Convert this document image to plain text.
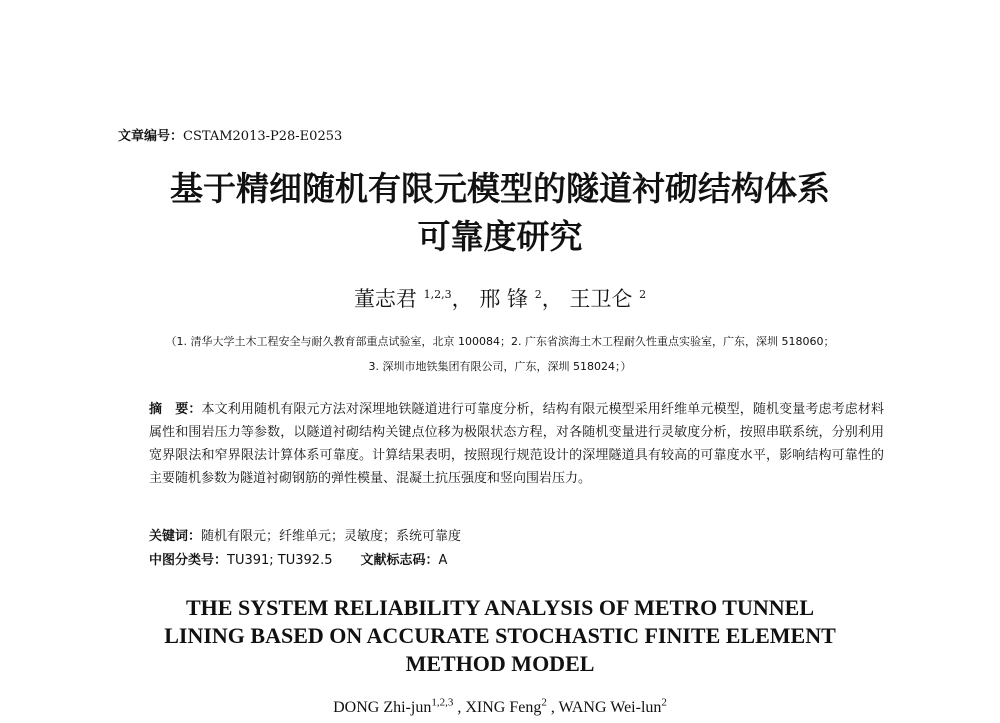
文章编号：CSTAM2013-P28-E0253
基于精细随机有限元模型的隧道衬砌结构体系
可靠度研究
董志君 $^{1,2,3}$， 邢 锋 $^2$， 王卫仑 $^2$
（1. 清华大学土木工程安全与耐久教育部重点试验室，北京 100084；2. 广东省滨海土木工程耐久性重点实验室，广东，深圳 518060；
3. 深圳市地铁集团有限公司，广东，深圳 518024；）
摘　要：本文利用随机有限元方法对深埋地铁隧道进行可靠度分析，结构有限元模型采用纤维单元模型，随机变量考虑考虑材料属性和围岩压力等参数，以隧道衬砌结构关键点位移为极限状态方程，对各随机变量进行灵敏度分析，按照串联系统，分别利用宽界限法和窄界限法计算体系可靠度。计算结果表明，按照现行规范设计的深埋隧道具有较高的可靠度水平，影响结构可靠性的主要随机参数为隧道衬砌钢筋的弹性模量、混凝土抗压强度和竖向围岩压力。
关键词：随机有限元；纤维单元；灵敏度；系统可靠度
中图分类号：TU391; TU392.5 文献标志码：A
THE SYSTEM RELIABILITY ANALYSIS OF METRO TUNNEL
LINING BASED ON ACCURATE STOCHASTIC FINITE ELEMENT
METHOD MODEL
DONG Zhi-jun$^{1,2,3}$ , XING Feng$^2$ , WANG Wei-lun$^2$
